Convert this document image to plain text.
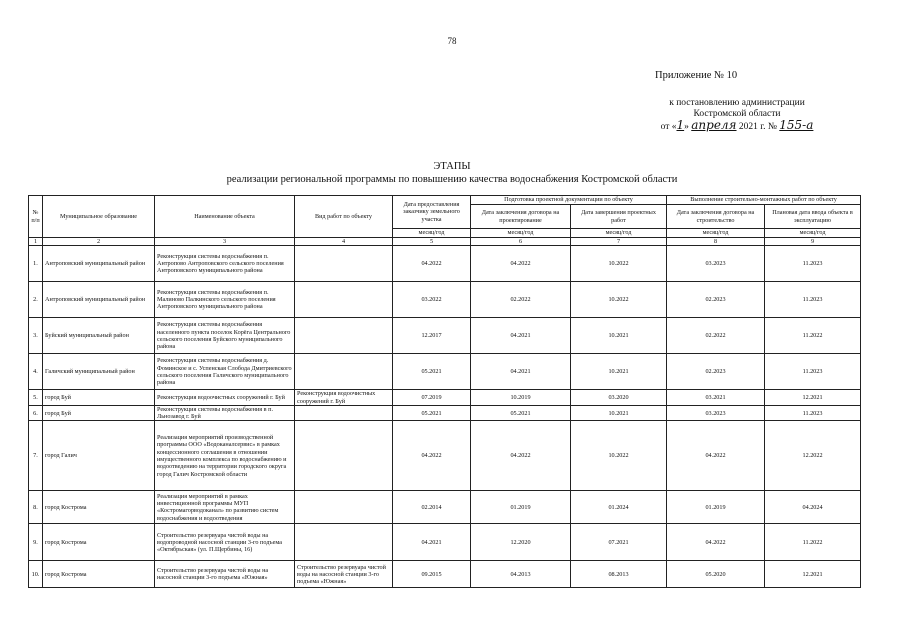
78
Приложение № 10
к постановлению администрации
Костромской области
от «1» апреля 2021 г. № 155-а
ЭТАПЫ
реализации региональной программы по повышению качества водоснабжения Костромской области
№ п/п	Муниципальное образование	Наименование объекта	Вид работ по объекту	Дата предоставления заказчику земельного участка	Подготовка проектной документации по объекту		Выполнение строительно-монтажных работ по объекту	
					Дата заключения договора на проектирование	Дата завершения проектных работ	Дата заключения договора на строительство	Плановая дата ввода объекта в эксплуатацию
				месяц/год	месяц/год	месяц/год	месяц/год	месяц/год
1	2	3	4	5	6	7	8	9
1.	Антроповский муниципальный район	Реконструкция системы водоснабжения п. Антропово Антроповского сельского поселения Антроповского муниципального района		04.2022	04.2022	10.2022	03.2023	11.2023
2.	Антроповский муниципальный район	Реконструкция системы водоснабжения п. Малиново Палкинского сельского поселения Антроповского муниципального района		03.2022	02.2022	10.2022	02.2023	11.2023
3.	Буйский муниципальный район	Реконструкция системы водоснабжения населенного пункта поселок Корёга Центрального сельского поселения Буйского муниципального района		12.2017	04.2021	10.2021	02.2022	11.2022
4.	Галичский муниципальный район	Реконструкция системы водоснабжения д. Фоминское и с. Успенская Слобода Дмитриевского сельского поселения Галичского муниципального района		05.2021	04.2021	10.2021	02.2023	11.2023
5.	город Буй	Реконструкция водоочистных сооружений г. Буй	Реконструкция водоочистных сооружений г. Буй	07.2019	10.2019	03.2020	03.2021	12.2021
6.	город Буй	Реконструкция системы водоснабжения в п. Льнозавод г. Буй		05.2021	05.2021	10.2021	03.2023	11.2023
7.	город Галич	Реализация мероприятий производственной программы ООО «Водоканалсервис» в рамках концессионного соглашения в отношении имущественного комплекса по водоснабжению и водоотведению на территории городского округа город Галич Костромской области		04.2022	04.2022	10.2022	04.2022	12.2022
8.	город Кострома	Реализация мероприятий в рамках инвестиционной программы МУП «Костромагорводоканал» по развитию систем водоснабжения и водоотведения		02.2014	01.2019	01.2024	01.2019	04.2024
9.	город Кострома	Строительство резервуара чистой воды на водопроводной насосной станции 3-го подъема «Октябрьская» (ул. П.Щербины, 16)		04.2021	12.2020	07.2021	04.2022	11.2022
10.	город Кострома	Строительство резервуара чистой воды на насосной станции 3-го подъема «Южная»	Строительство резервуара чистой воды на насосной станции 3-го подъема «Южная»	09.2015	04.2013	08.2013	05.2020	12.2021
